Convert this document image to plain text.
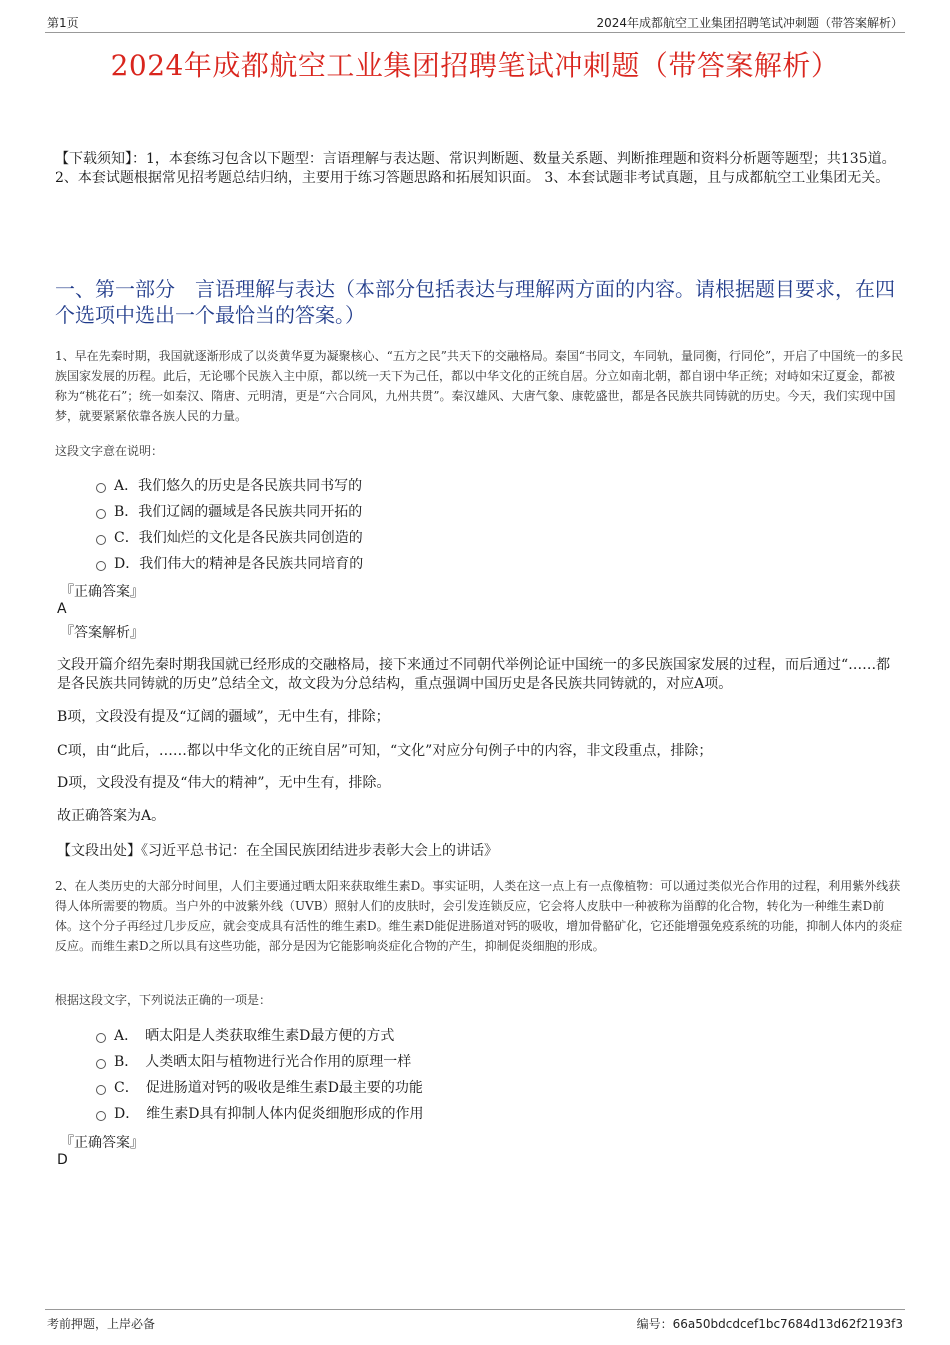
第1页	2024年成都航空工业集团招聘笔试冲刺题（带答案解析）
2024年成都航空工业集团招聘笔试冲刺题（带答案解析）
【下载须知】：1，本套练习包含以下题型：言语理解与表达题、常识判断题、数量关系题、判断推理题和资料分析题等题型；共135道。 2、本套试题根据常见招考题总结归纳，主要用于练习答题思路和拓展知识面。 3、本套试题非考试真题，且与成都航空工业集团无关。
一、第一部分　言语理解与表达（本部分包括表达与理解两方面的内容。请根据题目要求，在四个选项中选出一个最恰当的答案。）
1、早在先秦时期，我国就逐渐形成了以炎黄华夏为凝聚核心、“五方之民”共天下的交融格局。秦国“书同文，车同轨，量同衡，行同伦”，开启了中国统一的多民族国家发展的历程。此后，无论哪个民族入主中原，都以统一天下为己任，都以中华文化的正统自居。分立如南北朝，都自诩中华正统；对峙如宋辽夏金，都被称为“桃花石”；统一如秦汉、隋唐、元明清，更是“六合同风，九州共贯”。秦汉雄风、大唐气象、康乾盛世，都是各民族共同铸就的历史。今天，我们实现中国梦，就要紧紧依靠各族人民的力量。
这段文字意在说明：
A．我们悠久的历史是各民族共同书写的
B．我们辽阔的疆域是各民族共同开拓的
C．我们灿烂的文化是各民族共同创造的
D．我们伟大的精神是各民族共同培育的
『正确答案』
A
『答案解析』
文段开篇介绍先秦时期我国就已经形成的交融格局，接下来通过不同朝代举例论证中国统一的多民族国家发展的过程，而后通过“……都是各民族共同铸就的历史”总结全文，故文段为分总结构，重点强调中国历史是各民族共同铸就的，对应A项。
B项，文段没有提及“辽阔的疆域”，无中生有，排除；
C项，由“此后，……都以中华文化的正统自居”可知，“文化”对应分句例子中的内容，非文段重点，排除；
D项，文段没有提及“伟大的精神”，无中生有，排除。
故正确答案为A。
【文段出处】《习近平总书记：在全国民族团结进步表彰大会上的讲话》
2、在人类历史的大部分时间里，人们主要通过晒太阳来获取维生素D。事实证明，人类在这一点上有一点像植物：可以通过类似光合作用的过程，利用紫外线获得人体所需要的物质。当户外的中波紫外线（UVB）照射人们的皮肤时，会引发连锁反应，它会将人皮肤中一种被称为甾醇的化合物，转化为一种维生素D前体。这个分子再经过几步反应，就会变成具有活性的维生素D。维生素D能促进肠道对钙的吸收，增加骨骼矿化，它还能增强免疫系统的功能，抑制人体内的炎症反应。而维生素D之所以具有这些功能，部分是因为它能影响炎症化合物的产生，抑制促炎细胞的形成。
根据这段文字，下列说法正确的一项是：
A．　晒太阳是人类获取维生素D最方便的方式
B．　人类晒太阳与植物进行光合作用的原理一样
C．　促进肠道对钙的吸收是维生素D最主要的功能
D．　维生素D具有抑制人体内促炎细胞形成的作用
『正确答案』
D
考前押题，上岸必备	编号：66a50bdcdcef1bc7684d13d62f2193f3
